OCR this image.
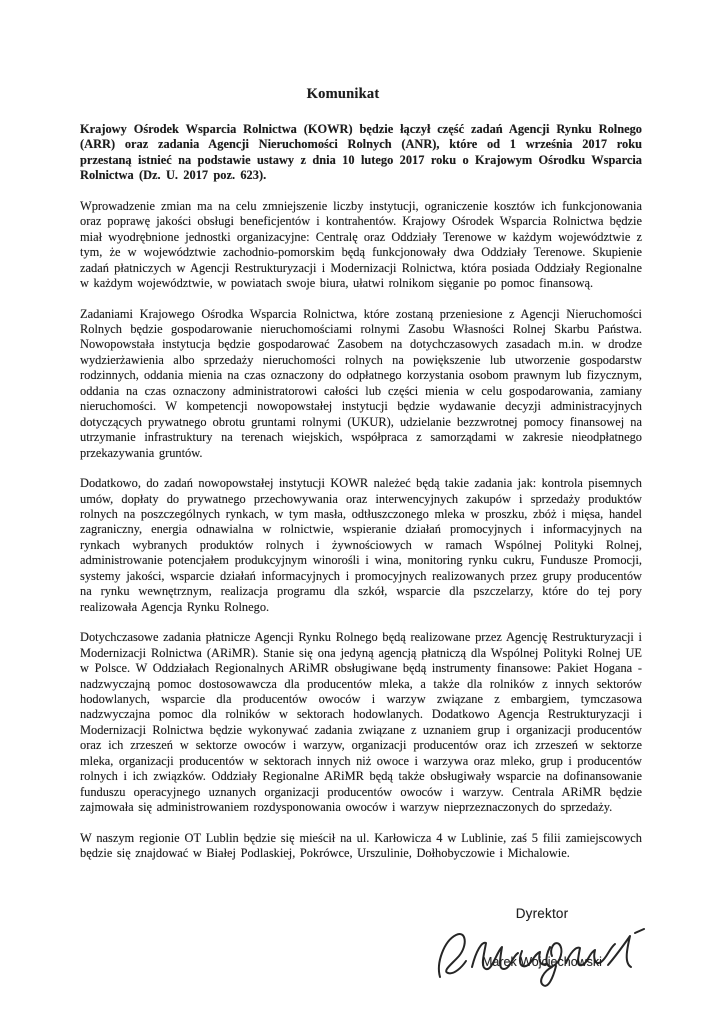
Komunikat

Krajowy Ośrodek Wsparcia Rolnictwa (KOWR) będzie łączył część zadań Agencji Rynku Rolnego (ARR) oraz zadania Agencji Nieruchomości Rolnych (ANR), które od 1 września 2017 roku przestaną istnieć na podstawie ustawy z dnia 10 lutego 2017 roku o Krajowym Ośrodku Wsparcia Rolnictwa (Dz. U. 2017 poz. 623).

Wprowadzenie zmian ma na celu zmniejszenie liczby instytucji, ograniczenie kosztów ich funkcjonowania oraz poprawę jakości obsługi beneficjentów i kontrahentów. Krajowy Ośrodek Wsparcia Rolnictwa będzie miał wyodrębnione jednostki organizacyjne: Centralę oraz Oddziały Terenowe w każdym województwie z tym, że w województwie zachodnio-pomorskim będą funkcjonowały dwa Oddziały Terenowe. Skupienie zadań płatniczych w Agencji Restrukturyzacji i Modernizacji Rolnictwa, która posiada Oddziały Regionalne w każdym województwie, w powiatach swoje biura, ułatwi rolnikom sięganie po pomoc finansową.

Zadaniami Krajowego Ośrodka Wsparcia Rolnictwa, które zostaną przeniesione z Agencji Nieruchomości Rolnych będzie gospodarowanie nieruchomościami rolnymi Zasobu Własności Rolnej Skarbu Państwa. Nowopowstała instytucja będzie gospodarować Zasobem na dotychczasowych zasadach m.in. w drodze wydzierżawienia albo sprzedaży nieruchomości rolnych na powiększenie lub utworzenie gospodarstw rodzinnych, oddania mienia na czas oznaczony do odpłatnego korzystania osobom prawnym lub fizycznym, oddania na czas oznaczony administratorowi całości lub części mienia w celu gospodarowania, zamiany nieruchomości. W kompetencji nowopowstałej instytucji będzie wydawanie decyzji administracyjnych dotyczących prywatnego obrotu gruntami rolnymi (UKUR), udzielanie bezzwrotnej pomocy finansowej na utrzymanie infrastruktury na terenach wiejskich, współpraca z samorządami w zakresie nieodpłatnego przekazywania gruntów.

Dodatkowo, do zadań nowopowstałej instytucji KOWR należeć będą takie zadania jak: kontrola pisemnych umów, dopłaty do prywatnego przechowywania oraz interwencyjnych zakupów i sprzedaży produktów rolnych na poszczególnych rynkach, w tym masła, odtłuszczonego mleka w proszku, zbóż i mięsa, handel zagraniczny, energia odnawialna w rolnictwie, wspieranie działań promocyjnych i informacyjnych na rynkach wybranych produktów rolnych i żywnościowych w ramach Wspólnej Polityki Rolnej, administrowanie potencjałem produkcyjnym winorośli i wina, monitoring rynku cukru, Fundusze Promocji, systemy jakości, wsparcie działań informacyjnych i promocyjnych realizowanych przez grupy producentów na rynku wewnętrznym, realizacja programu dla szkół, wsparcie dla pszczelarzy, które do tej pory realizowała Agencja Rynku Rolnego.

Dotychczasowe zadania płatnicze Agencji Rynku Rolnego będą realizowane przez Agencję Restrukturyzacji i Modernizacji Rolnictwa (ARiMR). Stanie się ona jedyną agencją płatniczą dla Wspólnej Polityki Rolnej UE w Polsce. W Oddziałach Regionalnych ARiMR obsługiwane będą instrumenty finansowe: Pakiet Hogana - nadzwyczajną pomoc dostosowawcza dla producentów mleka, a także dla rolników z innych sektorów hodowlanych, wsparcie dla producentów owoców i warzyw związane z embargiem, tymczasowa nadzwyczajna pomoc dla rolników w sektorach hodowlanych. Dodatkowo Agencja Restrukturyzacji i Modernizacji Rolnictwa będzie wykonywać zadania związane z uznaniem grup i organizacji producentów oraz ich zrzeszeń w sektorze owoców i warzyw, organizacji producentów oraz ich zrzeszeń w sektorze mleka, organizacji producentów w sektorach innych niż owoce i warzywa oraz mleko, grup i producentów rolnych i ich związków. Oddziały Regionalne ARiMR będą także obsługiwały wsparcie na dofinansowanie funduszu operacyjnego uznanych organizacji producentów owoców i warzyw. Centrala ARiMR będzie zajmowała się administrowaniem rozdysponowania owoców i warzyw nieprzeznaczonych do sprzedaży.

W naszym regionie OT Lublin będzie się mieścił na ul. Karłowicza 4 w Lublinie, zaś 5 filii zamiejscowych będzie się znajdować w Białej Podlaskiej, Pokrówce, Urszulinie, Dołhobyczowie i Michalowie.

Dyrektor
Marek Wojciechowski
